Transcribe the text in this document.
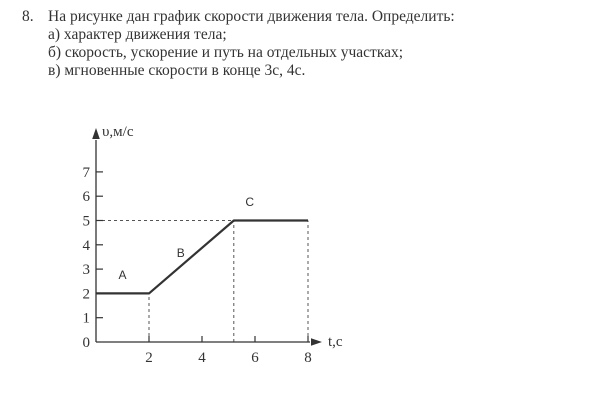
8. На рисунке дан график скорости движения тела. Определить:
а) характер движения тела;
б) скорость, ускорение и путь на отдельных участках;
в) мгновенные скорости в конце 3с, 4с.
0
1
2
3
4
5
6
7
2	4	6	8
υ,м/с
t,c
A
B
C
